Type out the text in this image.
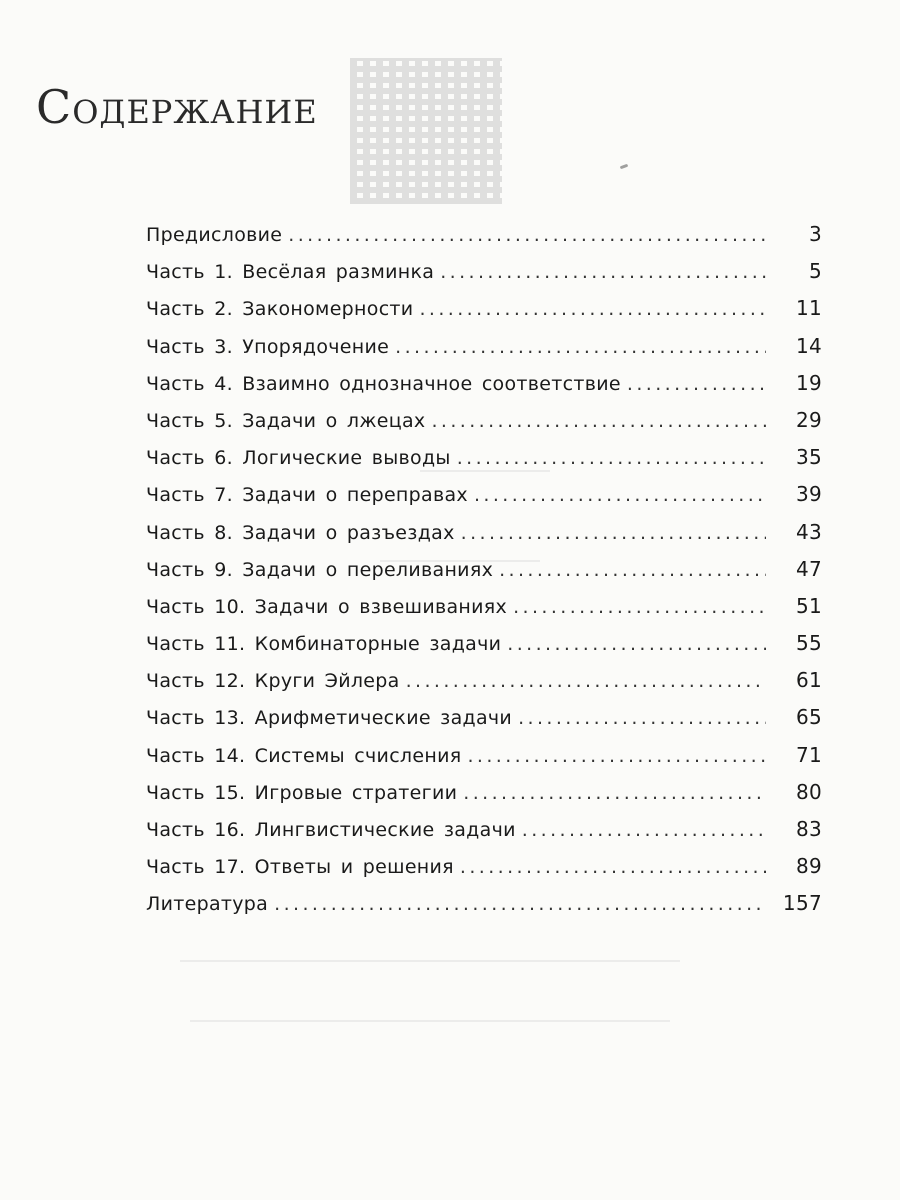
Содержание
Предисловие .....	3
Часть 1. Весёлая разминка .....	5
Часть 2. Закономерности .....	11
Часть 3. Упорядочение .....	14
Часть 4. Взаимно однозначное соответствие .....	19
Часть 5. Задачи о лжецах .....	29
Часть 6. Логические выводы .....	35
Часть 7. Задачи о переправах .....	39
Часть 8. Задачи о разъездах .....	43
Часть 9. Задачи о переливаниях .....	47
Часть 10. Задачи о взвешиваниях .....	51
Часть 11. Комбинаторные задачи .....	55
Часть 12. Круги Эйлера .....	61
Часть 13. Арифметические задачи .....	65
Часть 14. Системы счисления .....	71
Часть 15. Игровые стратегии .....	80
Часть 16. Лингвистические задачи .....	83
Часть 17. Ответы и решения .....	89
Литература .....	157
